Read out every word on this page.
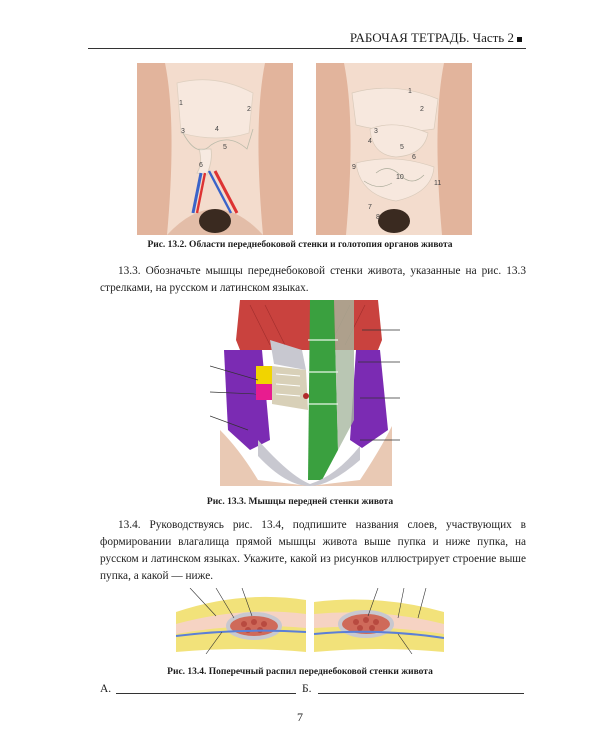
РАБОЧАЯ ТЕТРАДЬ. Часть 2
1
2
3	4
5
6
1
2
3
4
5
6
7
8
9
10
11
Рис. 13.2. Области переднебоковой стенки и голотопия органов живота

13.3. Обозначьте мышцы переднебоковой стенки живота, указанные на рис. 13.3 стрелками, на русском и латинском языках.

Рис. 13.3. Мышцы передней стенки живота

13.4. Руководствуясь рис. 13.4, подпишите названия слоев, участвующих в формировании влагалища прямой мышцы живота выше пупка и ниже пупка, на русском и латинском языках. Укажите, какой из рисунков иллюстрирует строение выше пупка, а какой — ниже.

Рис. 13.4. Поперечный распил переднебоковой стенки живота
А.	Б.
7
